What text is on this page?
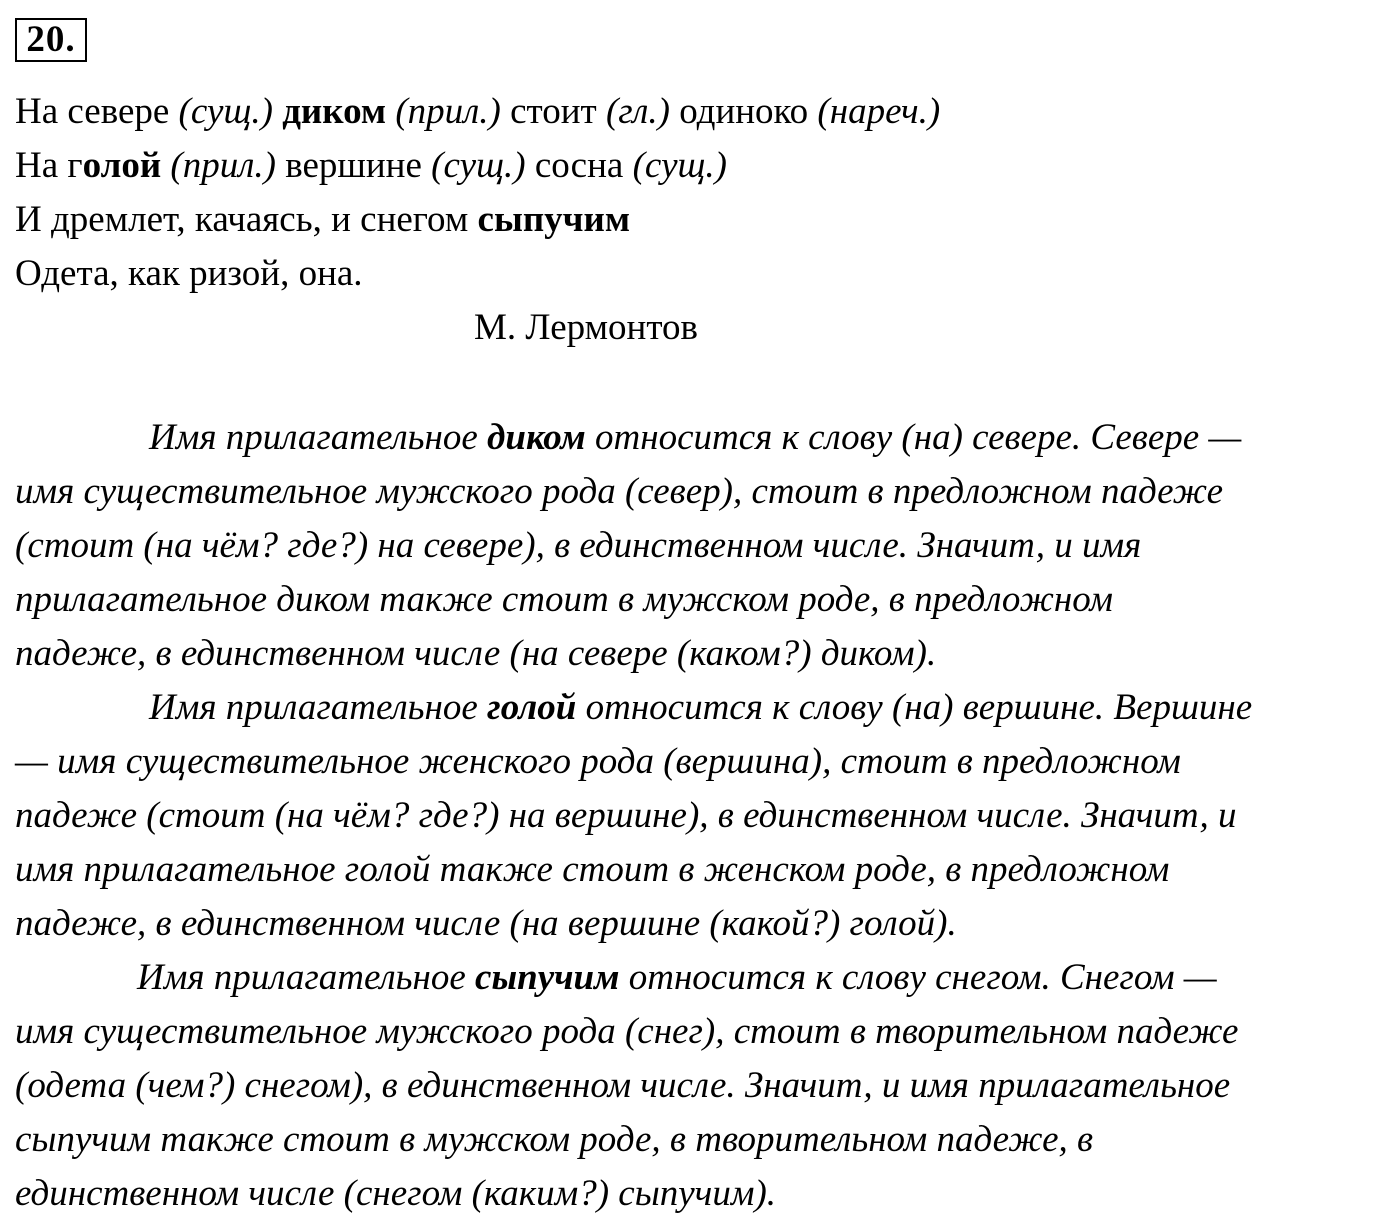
20.
На севере (сущ.) диком (прил.) стоит (гл.) одиноко (нареч.)
На голой (прил.) вершине (сущ.) сосна (сущ.)
И дремлет, качаясь, и снегом сыпучим
Одета, как ризой, она.
М. Лермонтов
Имя прилагательное диком относится к слову (на) севере. Севере —
имя существительное мужского рода (север), стоит в предложном падеже
(стоит (на чём? где?) на севере), в единственном числе. Значит, и имя
прилагательное диком также стоит в мужском роде, в предложном
падеже, в единственном числе (на севере (каком?) диком).
Имя прилагательное голой относится к слову (на) вершине. Вершине
— имя существительное женского рода (вершина), стоит в предложном
падеже (стоит (на чём? где?) на вершине), в единственном числе. Значит, и
имя прилагательное голой также стоит в женском роде, в предложном
падеже, в единственном числе (на вершине (какой?) голой).
Имя прилагательное сыпучим относится к слову снегом. Снегом —
имя существительное мужского рода (снег), стоит в творительном падеже
(одета (чем?) снегом), в единственном числе. Значит, и имя прилагательное
сыпучим также стоит в мужском роде, в творительном падеже, в
единственном числе (снегом (каким?) сыпучим).
